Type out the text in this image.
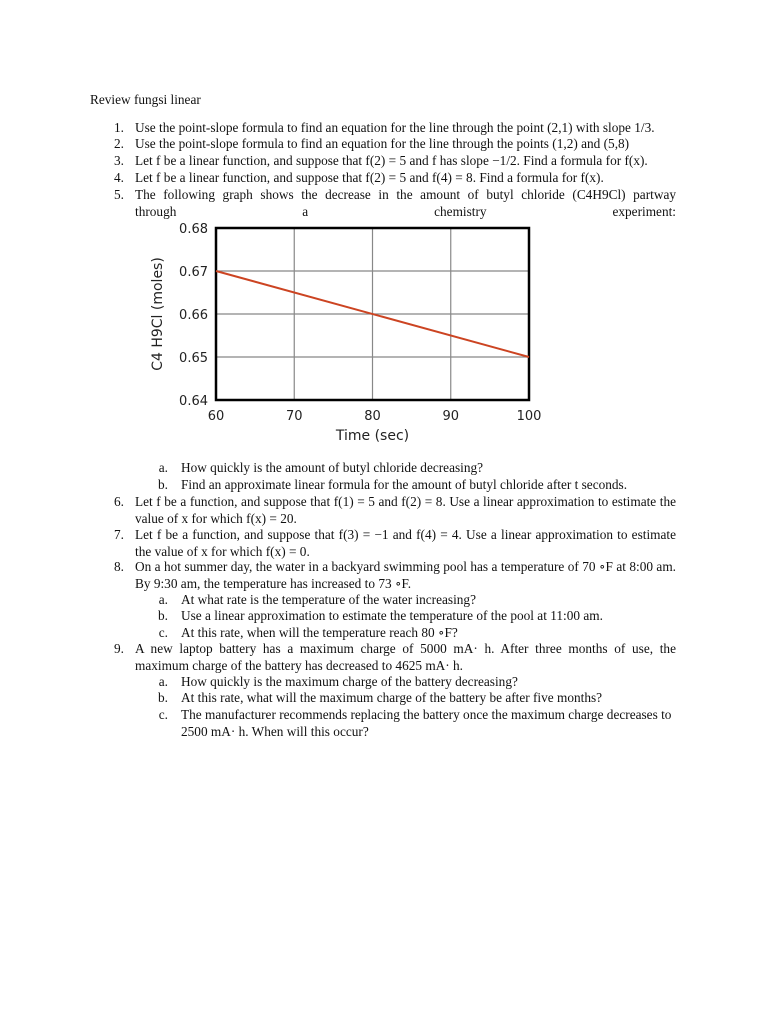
Review fungsi linear
1. Use the point-slope formula to find an equation for the line through the point (2,1) with slope 1/3.
2. Use the point-slope formula to find an equation for the line through the points (1,2) and (5,8)
3. Let f be a linear function, and suppose that f(2) = 5 and f has slope −1/2. Find a formula for f(x).
4. Let f be a linear function, and suppose that f(2) = 5 and f(4) = 8. Find a formula for f(x).
5. The following graph shows the decrease in the amount of butyl chloride (C4H9Cl) partway
through	a	chemistry	experiment:
60	70	80	90	100
0.64
0.65
0.66
0.67
0.68
Time (sec)
C4 H9Cl (moles)
a. How quickly is the amount of butyl chloride decreasing?
b. Find an approximate linear formula for the amount of butyl chloride after t seconds.
6. Let f be a function, and suppose that f(1) = 5 and f(2) = 8. Use a linear approximation to estimate the value of x for which f(x) = 20.
7. Let f be a function, and suppose that f(3) = −1 and f(4) = 4. Use a linear approximation to estimate the value of x for which f(x) = 0.
8. On a hot summer day, the water in a backyard swimming pool has a temperature of 70 ∘F at 8:00 am. By 9:30 am, the temperature has increased to 73 ∘F.
a. At what rate is the temperature of the water increasing?
b. Use a linear approximation to estimate the temperature of the pool at 11:00 am.
c. At this rate, when will the temperature reach 80 ∘F?
9. A new laptop battery has a maximum charge of 5000 mA· h. After three months of use, the maximum charge of the battery has decreased to 4625 mA· h.
a. How quickly is the maximum charge of the battery decreasing?
b. At this rate, what will the maximum charge of the battery be after five months?
c. The manufacturer recommends replacing the battery once the maximum charge decreases to 2500 mA· h. When will this occur?
